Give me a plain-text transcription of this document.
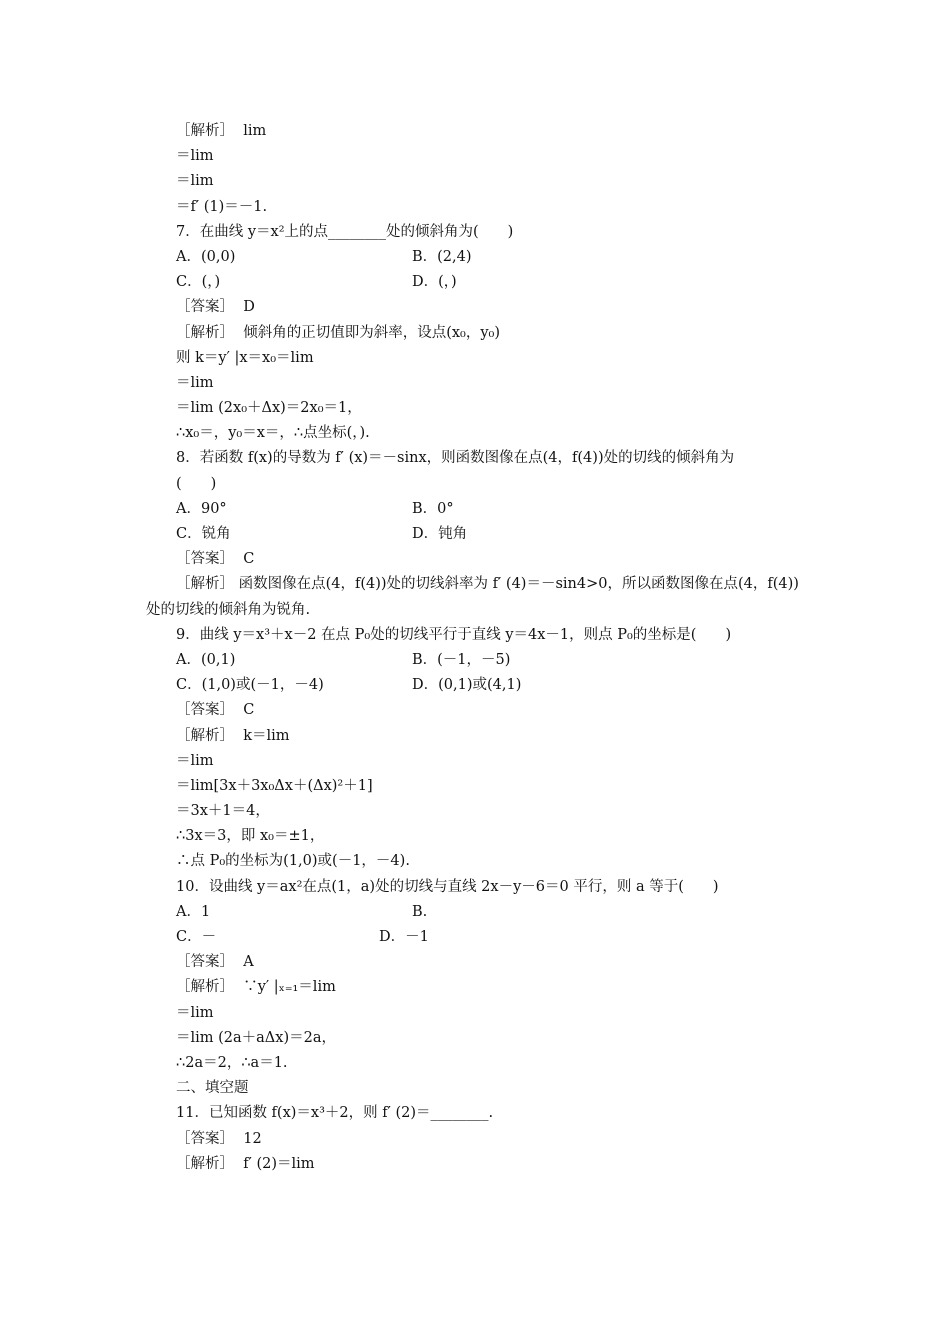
［解析］  lim
＝lim
＝lim
＝f′ (1)＝－1.
7．在曲线 y＝x²上的点________处的倾斜角为(　　)
A．(0,0)	B．(2,4)
C．(，)	D．(，)
［答案］  D
［解析］  倾斜角的正切值即为斜率，设点(x₀，y₀)
则 k＝y′ |x＝x₀＝lim
＝lim
＝lim (2x₀＋Δx)＝2x₀＝1，
∴x₀＝，y₀＝x＝，∴点坐标(，).
8．若函数 f(x)的导数为 f′ (x)＝－sinx，则函数图像在点(4，f(4))处的切线的倾斜角为
(　　)
A．90°	B．0°
C．锐角	D．钝角
［答案］  C
［解析］ 函数图像在点(4，f(4))处的切线斜率为 f′ (4)＝－sin4>0，所以函数图像在点(4，f(4))处的切线的倾斜角为锐角.
9．曲线 y＝x³＋x－2 在点 P₀处的切线平行于直线 y＝4x－1，则点 P₀的坐标是(　　)
A．(0,1)	B．(－1，－5)
C．(1,0)或(－1，－4)	D．(0,1)或(4,1)
［答案］  C
［解析］  k＝lim
＝lim
＝lim[3x＋3x₀Δx＋(Δx)²＋1]
＝3x＋1＝4，
∴3x＝3，即 x₀＝±1，
∴点 P₀的坐标为(1,0)或(－1，－4).
10．设曲线 y＝ax²在点(1，a)处的切线与直线 2x－y－6＝0 平行，则 a 等于(　　)
A．1	B.
C．－	D．－1
［答案］  A
［解析］  ∵y′ |ₓ₌₁＝lim
＝lim
＝lim (2a＋aΔx)＝2a，
∴2a＝2，∴a＝1.
二、填空题
11．已知函数 f(x)＝x³＋2，则 f′ (2)＝________.
［答案］  12
［解析］  f′ (2)＝lim
